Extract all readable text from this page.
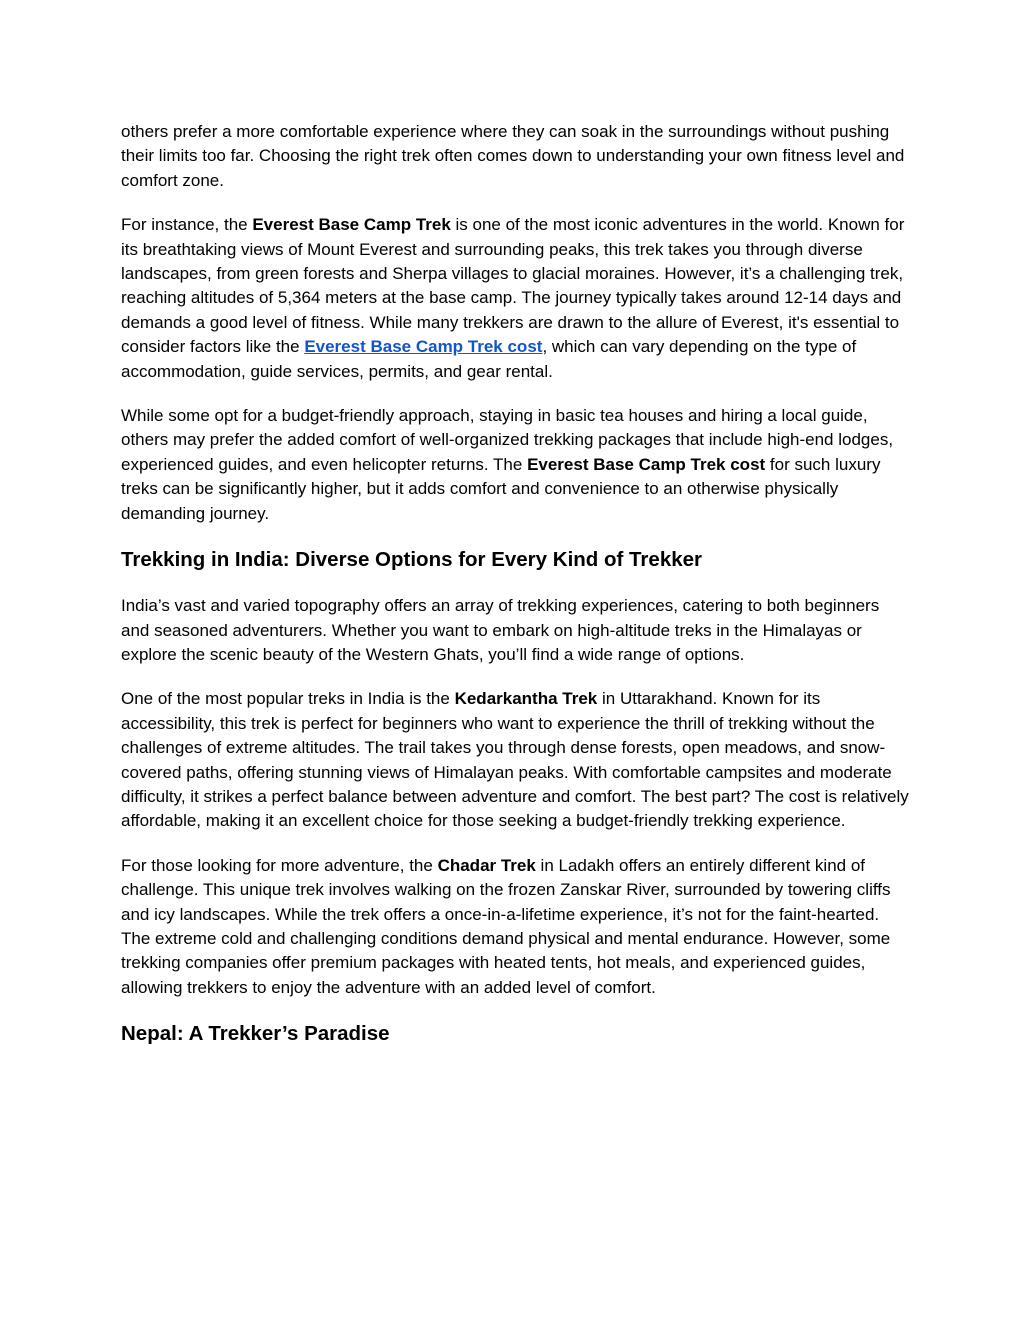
others prefer a more comfortable experience where they can soak in the surroundings without pushing their limits too far. Choosing the right trek often comes down to understanding your own fitness level and comfort zone.

For instance, the Everest Base Camp Trek is one of the most iconic adventures in the world. Known for its breathtaking views of Mount Everest and surrounding peaks, this trek takes you through diverse landscapes, from green forests and Sherpa villages to glacial moraines. However, it’s a challenging trek, reaching altitudes of 5,364 meters at the base camp. The journey typically takes around 12-14 days and demands a good level of fitness. While many trekkers are drawn to the allure of Everest, it's essential to consider factors like the Everest Base Camp Trek cost, which can vary depending on the type of accommodation, guide services, permits, and gear rental.

While some opt for a budget-friendly approach, staying in basic tea houses and hiring a local guide, others may prefer the added comfort of well-organized trekking packages that include high-end lodges, experienced guides, and even helicopter returns. The Everest Base Camp Trek cost for such luxury treks can be significantly higher, but it adds comfort and convenience to an otherwise physically demanding journey.

Trekking in India: Diverse Options for Every Kind of Trekker

India’s vast and varied topography offers an array of trekking experiences, catering to both beginners and seasoned adventurers. Whether you want to embark on high-altitude treks in the Himalayas or explore the scenic beauty of the Western Ghats, you’ll find a wide range of options.

One of the most popular treks in India is the Kedarkantha Trek in Uttarakhand. Known for its accessibility, this trek is perfect for beginners who want to experience the thrill of trekking without the challenges of extreme altitudes. The trail takes you through dense forests, open meadows, and snow-covered paths, offering stunning views of Himalayan peaks. With comfortable campsites and moderate difficulty, it strikes a perfect balance between adventure and comfort. The best part? The cost is relatively affordable, making it an excellent choice for those seeking a budget-friendly trekking experience.

For those looking for more adventure, the Chadar Trek in Ladakh offers an entirely different kind of challenge. This unique trek involves walking on the frozen Zanskar River, surrounded by towering cliffs and icy landscapes. While the trek offers a once-in-a-lifetime experience, it’s not for the faint-hearted. The extreme cold and challenging conditions demand physical and mental endurance. However, some trekking companies offer premium packages with heated tents, hot meals, and experienced guides, allowing trekkers to enjoy the adventure with an added level of comfort.

Nepal: A Trekker’s Paradise
